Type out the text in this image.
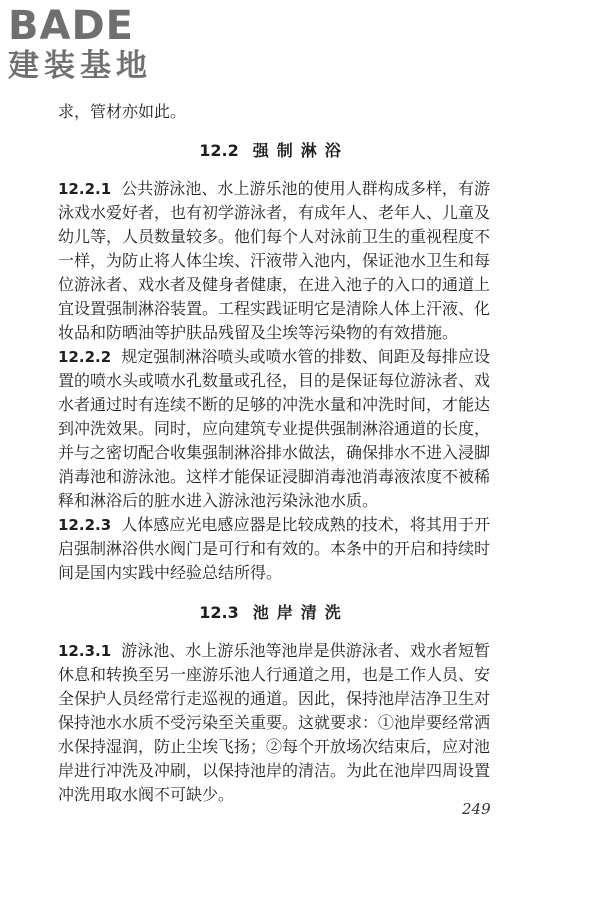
BADE
建装基地
求，管材亦如此。
12.2 强制淋浴

12.2.1 公共游泳池、水上游乐池的使用人群构成多样，有游泳戏水爱好者，也有初学游泳者，有成年人、老年人、儿童及幼儿等，人员数量较多。他们每个人对泳前卫生的重视程度不一样，为防止将人体尘埃、汗液带入池内，保证池水卫生和每位游泳者、戏水者及健身者健康，在进入池子的入口的通道上宜设置强制淋浴装置。工程实践证明它是清除人体上汗液、化妆品和防晒油等护肤品残留及尘埃等污染物的有效措施。

12.2.2 规定强制淋浴喷头或喷水管的排数、间距及每排应设置的喷水头或喷水孔数量或孔径，目的是保证每位游泳者、戏水者通过时有连续不断的足够的冲洗水量和冲洗时间，才能达到冲洗效果。同时，应向建筑专业提供强制淋浴通道的长度，并与之密切配合收集强制淋浴排水做法，确保排水不进入浸脚消毒池和游泳池。这样才能保证浸脚消毒池消毒液浓度不被稀释和淋浴后的脏水进入游泳池污染泳池水质。

12.2.3 人体感应光电感应器是比较成熟的技术，将其用于开启强制淋浴供水阀门是可行和有效的。本条中的开启和持续时间是国内实践中经验总结所得。

12.3 池岸清洗

12.3.1 游泳池、水上游乐池等池岸是供游泳者、戏水者短暂休息和转换至另一座游乐池人行通道之用，也是工作人员、安全保护人员经常行走巡视的通道。因此，保持池岸洁净卫生对保持池水水质不受污染至关重要。这就要求：①池岸要经常洒水保持湿润，防止尘埃飞扬；②每个开放场次结束后，应对池岸进行冲洗及冲刷，以保持池岸的清洁。为此在池岸四周设置冲洗用取水阀不可缺少。

249
